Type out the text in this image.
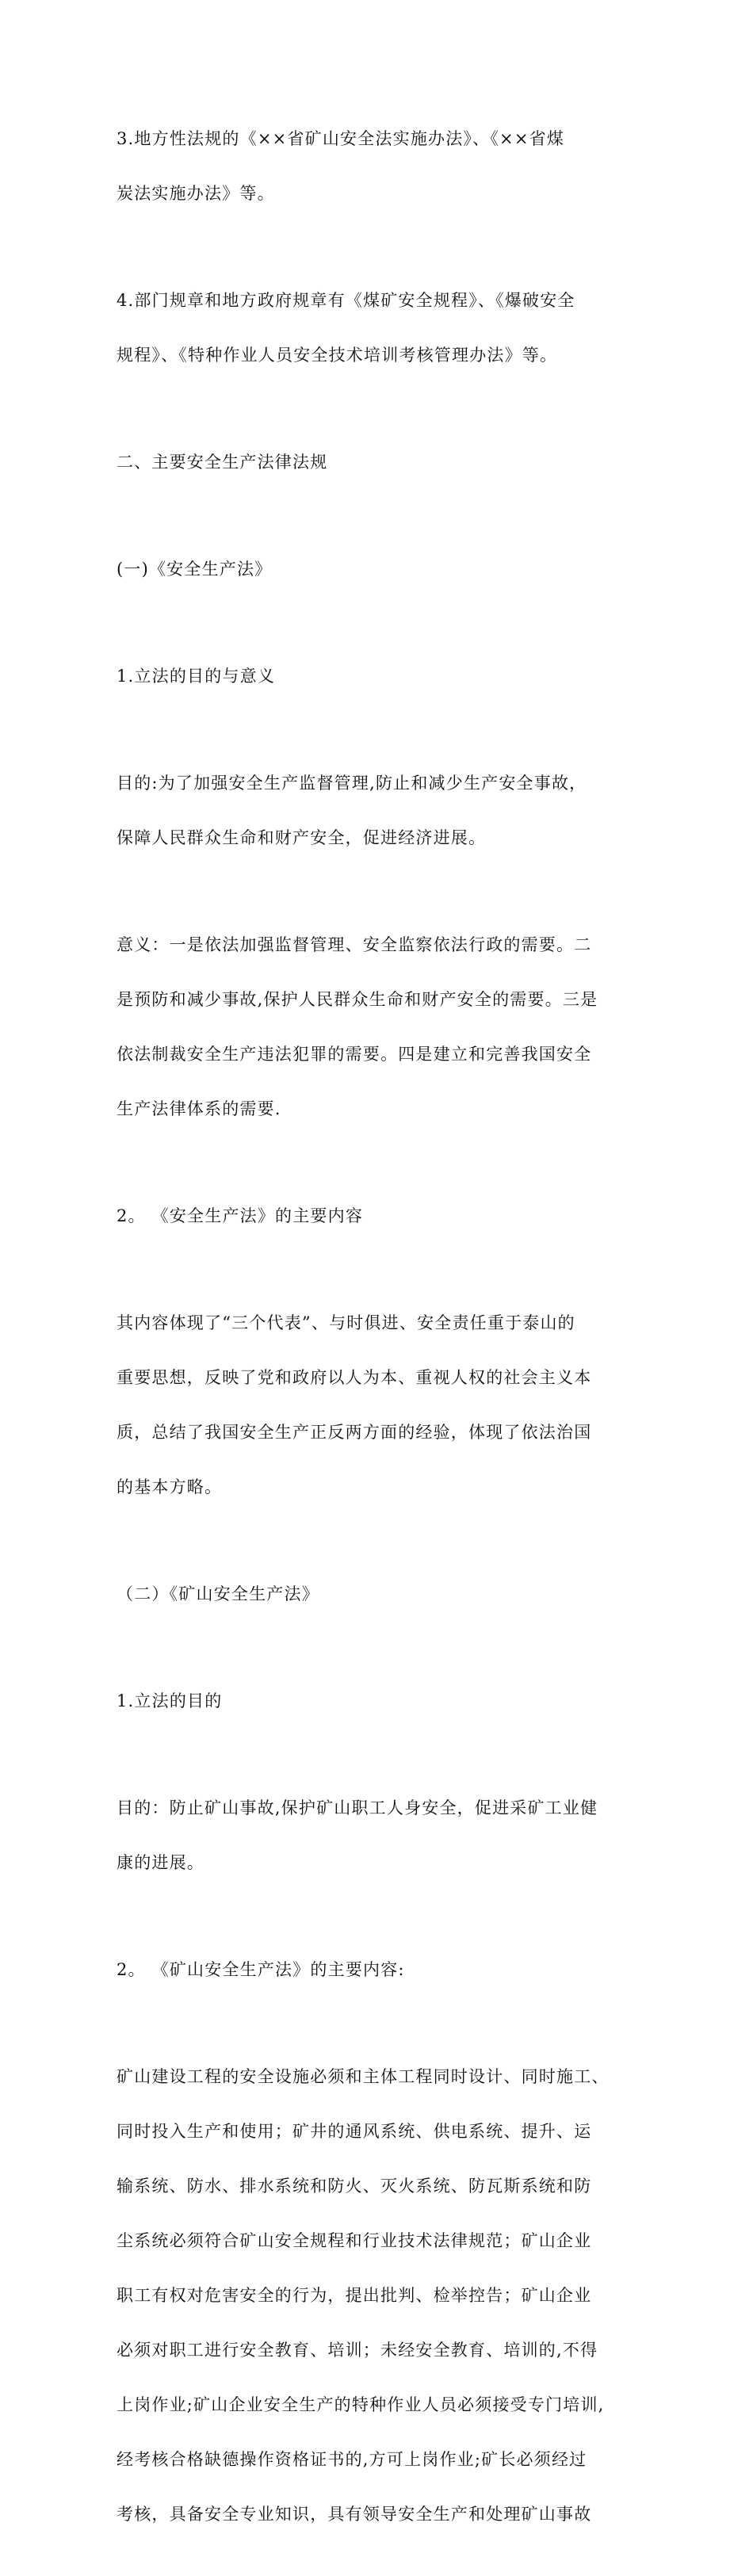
3.地方性法规的《××省矿山安全法实施办法》、《××省煤

炭法实施办法》等。

4.部门规章和地方政府规章有《煤矿安全规程》、《爆破安全

规程》、《特种作业人员安全技术培训考核管理办法》等。

二、主要安全生产法律法规

(一)《安全生产法》

1.立法的目的与意义

目的:为了加强安全生产监督管理,防止和减少生产安全事故，

保障人民群众生命和财产安全，促进经济进展。

意义：一是依法加强监督管理、安全监察依法行政的需要。二

是预防和减少事故,保护人民群众生命和财产安全的需要。三是

依法制裁安全生产违法犯罪的需要。四是建立和完善我国安全

生产法律体系的需要.

2。 《安全生产法》的主要内容

其内容体现了“三个代表”、与时俱进、安全责任重于泰山的

重要思想，反映了党和政府以人为本、重视人权的社会主义本

质，总结了我国安全生产正反两方面的经验，体现了依法治国

的基本方略。

（二）《矿山安全生产法》

1.立法的目的

目的：防止矿山事故,保护矿山职工人身安全，促进采矿工业健

康的进展。

2。 《矿山安全生产法》的主要内容:

矿山建设工程的安全设施必须和主体工程同时设计、同时施工、

同时投入生产和使用；矿井的通风系统、供电系统、提升、运

输系统、防水、排水系统和防火、灭火系统、防瓦斯系统和防

尘系统必须符合矿山安全规程和行业技术法律规范；矿山企业

职工有权对危害安全的行为，提出批判、检举控告；矿山企业

必须对职工进行安全教育、培训；未经安全教育、培训的,不得

上岗作业;矿山企业安全生产的特种作业人员必须接受专门培训,

经考核合格缺德操作资格证书的,方可上岗作业;矿长必须经过

考核，具备安全专业知识，具有领导安全生产和处理矿山事故
